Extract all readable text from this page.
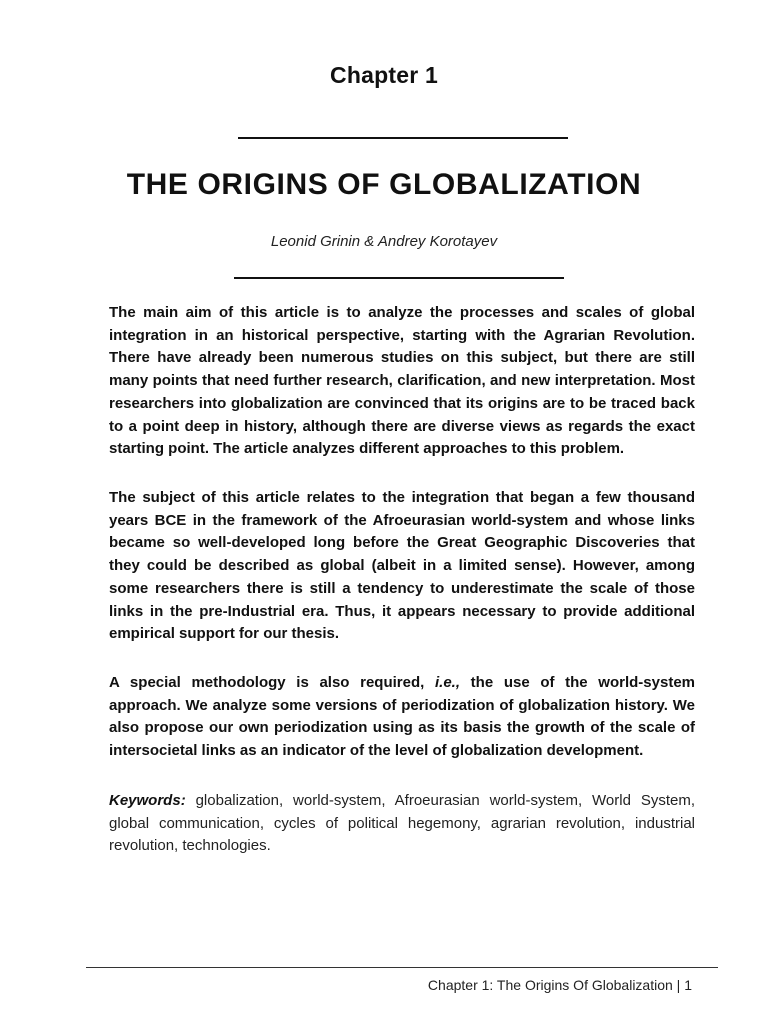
Chapter 1
THE ORIGINS OF GLOBALIZATION
Leonid Grinin & Andrey Korotayev

The main aim of this article is to analyze the processes and scales of global integration in an historical perspective, starting with the Agrarian Revolution. There have already been numerous studies on this subject, but there are still many points that need further research, clarification, and new interpretation. Most researchers into globalization are convinced that its origins are to be traced back to a point deep in history, although there are diverse views as regards the exact starting point. The article analyzes different approaches to this problem.

The subject of this article relates to the integration that began a few thousand years BCE in the framework of the Afroeurasian world-system and whose links became so well-developed long before the Great Geographic Discoveries that they could be described as global (albeit in a limited sense). However, among some researchers there is still a tendency to underestimate the scale of those links in the pre-Industrial era. Thus, it appears necessary to provide additional empirical support for our thesis.

A special methodology is also required, i.e., the use of the world-system approach. We analyze some versions of periodization of globalization history. We also propose our own periodization using as its basis the growth of the scale of intersocietal links as an indicator of the level of globalization development.

Keywords: globalization, world-system, Afroeurasian world-system, World System, global communication, cycles of political hegemony, agrarian revolution, industrial revolution, technologies.

Chapter 1: The Origins Of Globalization | 1
